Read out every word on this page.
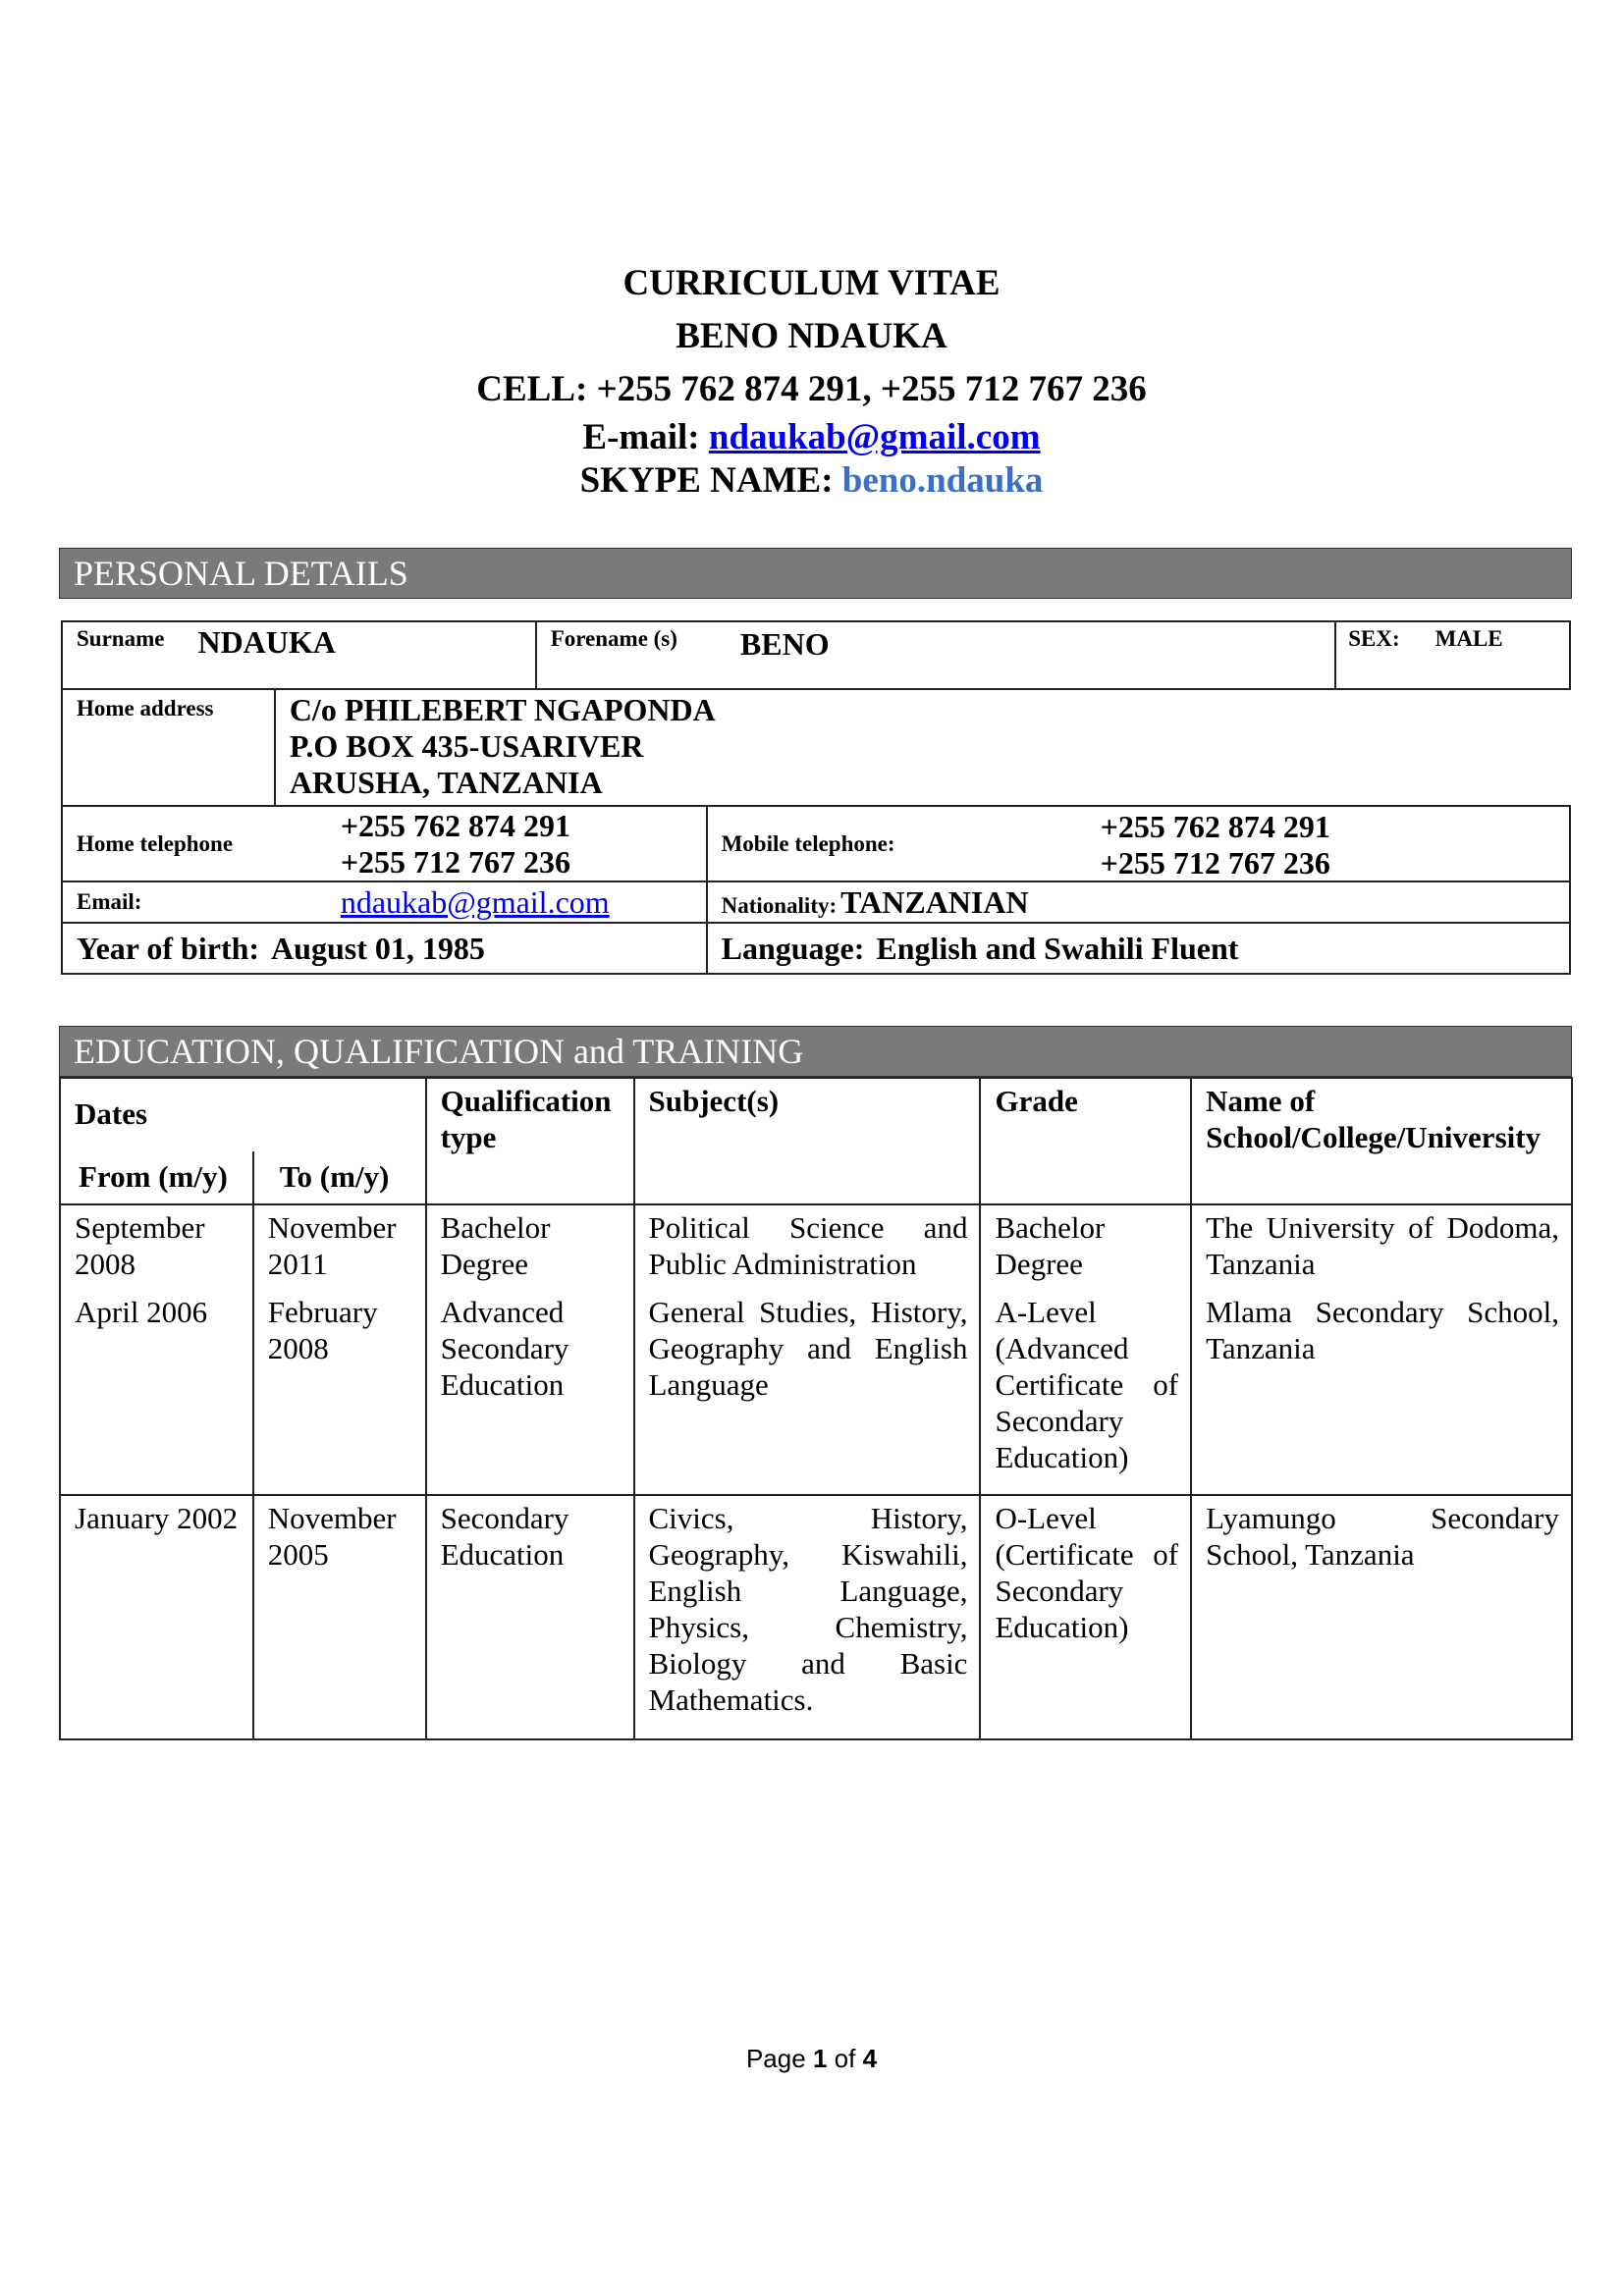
CURRICULUM VITAE
BENO NDAUKA
CELL: +255 762 874 291, +255 712 767 236
E-mail: ndaukab@gmail.com
SKYPE NAME: beno.ndauka
PERSONAL DETAILS
Surname NDAUKA	Forename (s) BENO	SEX: MALE
Home address	C/o PHILEBERT NGAPONDA
P.O BOX 435-USARIVER
ARUSHA, TANZANIA

Home telephone	
+255 762 874 291
+255 712 767 236
	Mobile telephone:	+255 762 874 291
+255 712 767 236

Email:	ndaukab@gmail.com	Nationality: TANZANIAN
Year of birth: August 01, 1985	Language: English and Swahili Fluent
EDUCATION, QUALIFICATION and TRAINING
Dates	Qualification type	Subject(s)	Grade	Name of School/College/University
From (m/y)	To (m/y)
September 2008	November 2011	Bachelor Degree	Political Science and Public Administration	Bachelor Degree	The University of Dodoma, Tanzania
April 2006	February 2008	Advanced Secondary Education	General Studies, History, Geography and English Language	A-Level (Advanced Certificate of Secondary Education)	Mlama Secondary School, Tanzania
January 2002	November 2005	Secondary Education	Civics, History, Geography, Kiswahili, English Language, Physics, Chemistry, Biology and Basic Mathematics.	O-Level (Certificate of Secondary Education)	Lyamungo Secondary School, Tanzania
Page 1 of 4
